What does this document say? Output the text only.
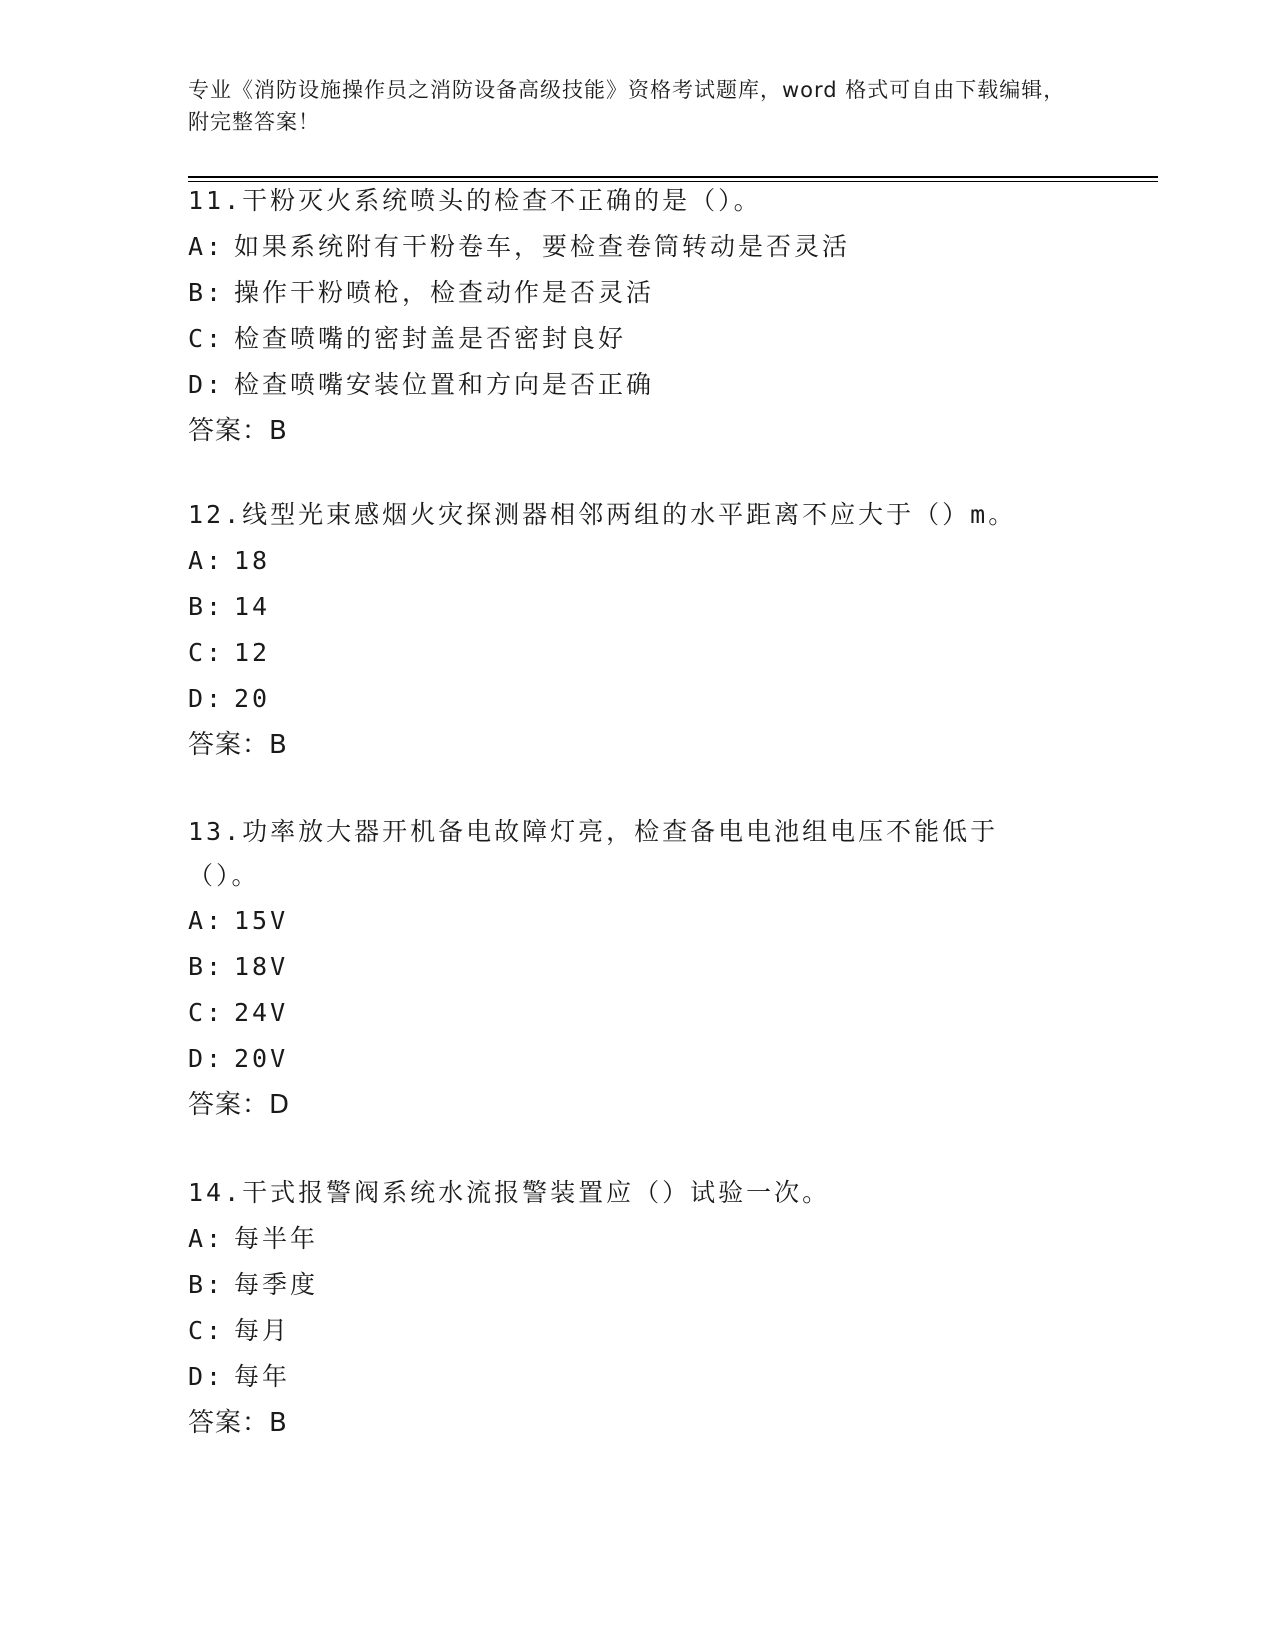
专业《消防设施操作员之消防设备高级技能》资格考试题库，word 格式可自由下载编辑，附完整答案！
11.干粉灭火系统喷头的检查不正确的是（）。
A: 如果系统附有干粉卷车，要检查卷筒转动是否灵活
B: 操作干粉喷枪，检查动作是否灵活
C: 检查喷嘴的密封盖是否密封良好
D: 检查喷嘴安装位置和方向是否正确
答案：B
12.线型光束感烟火灾探测器相邻两组的水平距离不应大于（）m。
A: 18
B: 14
C: 12
D: 20
答案：B
13.功率放大器开机备电故障灯亮，检查备电电池组电压不能低于（）。
A: 15V
B: 18V
C: 24V
D: 20V
答案：D
14.干式报警阀系统水流报警装置应（）试验一次。
A: 每半年
B: 每季度
C: 每月
D: 每年
答案：B
